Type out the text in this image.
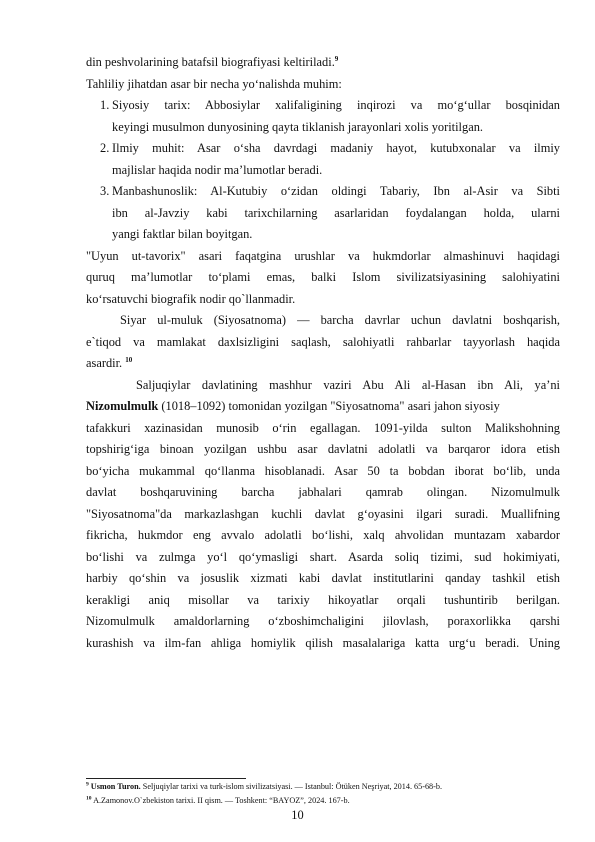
din peshvolarining batafsil biografiyasi keltiriladi.$^9$
Tahliliy jihatdan asar bir necha yo‘nalishda muhim:
1. Siyosiy tarix: Abbosiylar xalifaligining inqirozi va mo‘g‘ullar bosqinidan
keyingi musulmon dunyosining qayta tiklanish jarayonlari xolis yoritilgan.
2. Ilmiy muhit: Asar o‘sha davrdagi madaniy hayot, kutubxonalar va ilmiy
majlislar haqida nodir ma’lumotlar beradi.
3. Manbashunoslik: Al-Kutubiy o‘zidan oldingi Tabariy, Ibn al-Asir va Sibti
ibn al-Javziy kabi tarixchilarning asarlaridan foydalangan holda, ularni
yangi faktlar bilan boyitgan.
"Uyun ut-tavorix" asari faqatgina urushlar va hukmdorlar almashinuvi haqidagi
quruq ma’lumotlar to‘plami emas, balki Islom sivilizatsiyasining salohiyatini
ko‘rsatuvchi biografik nodir qo`llanmadir.
Siyar ul-muluk (Siyosatnoma) — barcha davrlar uchun davlatni boshqarish,
e`tiqod va mamlakat daxlsizligini saqlash, salohiyatli rahbarlar tayyorlash haqida
asardir. $^{10}$
Saljuqiylar davlatining mashhur vaziri Abu Ali al-Hasan ibn Ali, ya’ni
Nizomulmulk (1018–1092) tomonidan yozilgan "Siyosatnoma" asari jahon siyosiy
tafakkuri xazinasidan munosib o‘rin egallagan. 1091-yilda sulton Malikshohning
topshirig‘iga binoan yozilgan ushbu asar davlatni adolatli va barqaror idora etish
bo‘yicha mukammal qo‘llanma hisoblanadi. Asar 50 ta bobdan iborat bo‘lib, unda
davlat boshqaruvining barcha jabhalari qamrab olingan. Nizomulmulk
"Siyosatnoma"da markazlashgan kuchli davlat g‘oyasini ilgari suradi. Muallifning
fikricha, hukmdor eng avvalo adolatli bo‘lishi, xalq ahvolidan muntazam xabardor
bo‘lishi va zulmga yo‘l qo‘ymasligi shart. Asarda soliq tizimi, sud hokimiyati,
harbiy qo‘shin va josuslik xizmati kabi davlat institutlarini qanday tashkil etish
kerakligi aniq misollar va tarixiy hikoyatlar orqali tushuntirib berilgan.
Nizomulmulk amaldorlarning o‘zboshimchaligini jilovlash, poraxorlikka qarshi
kurashish va ilm-fan ahliga homiylik qilish masalalariga katta urg‘u beradi. Uning
$^9$ Usmon Turon. Seljuqiylar tarixi va turk-islom sivilizatsiyasi. — Istanbul: Ötüken Neşriyat, 2014. 65-68-b.
$^{10}$ A.Zamonov.O`zbekiston tarixi. II qism. — Toshkent: “BAYOZ”, 2024. 167-b.
10
